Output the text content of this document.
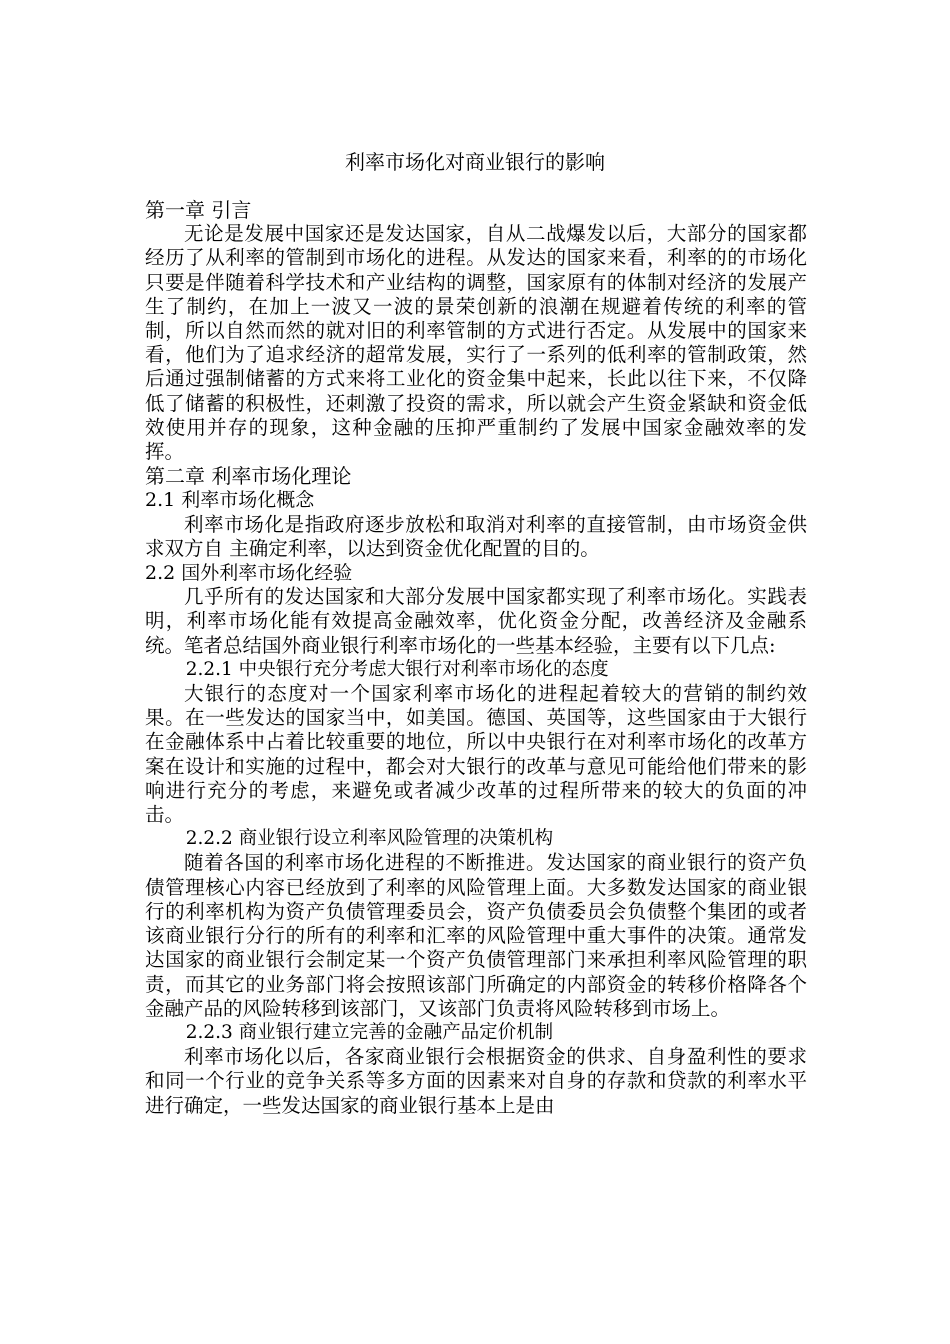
利率市场化对商业银行的影响

第一章 引言

无论是发展中国家还是发达国家，自从二战爆发以后，大部分的国家都经历了从利率的管制到市场化的进程。从发达的国家来看，利率的的市场化只要是伴随着科学技术和产业结构的调整，国家原有的体制对经济的发展产生了制约，在加上一波又一波的景荣创新的浪潮在规避着传统的利率的管制，所以自然而然的就对旧的利率管制的方式进行否定。从发展中的国家来看，他们为了追求经济的超常发展，实行了一系列的低利率的管制政策，然后通过强制储蓄的方式来将工业化的资金集中起来，长此以往下来，不仅降低了储蓄的积极性，还刺激了投资的需求，所以就会产生资金紧缺和资金低效使用并存的现象，这种金融的压抑严重制约了发展中国家金融效率的发挥。

第二章 利率市场化理论

2.1 利率市场化概念

利率市场化是指政府逐步放松和取消对利率的直接管制，由市场资金供求双方自 主确定利率，以达到资金优化配置的目的。

2.2 国外利率市场化经验

几乎所有的发达国家和大部分发展中国家都实现了利率市场化。实践表明，利率市场化能有效提高金融效率，优化资金分配，改善经济及金融系统。笔者总结国外商业银行利率市场化的一些基本经验，主要有以下几点:

2.2.1 中央银行充分考虑大银行对利率市场化的态度

大银行的态度对一个国家利率市场化的进程起着较大的营销的制约效果。在一些发达的国家当中，如美国。德国、英国等，这些国家由于大银行在金融体系中占着比较重要的地位，所以中央银行在对利率市场化的改革方案在设计和实施的过程中，都会对大银行的改革与意见可能给他们带来的影响进行充分的考虑，来避免或者减少改革的过程所带来的较大的负面的冲击。

2.2.2 商业银行设立利率风险管理的决策机构

随着各国的利率市场化进程的不断推进。发达国家的商业银行的资产负债管理核心内容已经放到了利率的风险管理上面。大多数发达国家的商业银行的利率机构为资产负债管理委员会，资产负债委员会负债整个集团的或者该商业银行分行的所有的利率和汇率的风险管理中重大事件的决策。通常发达国家的商业银行会制定某一个资产负债管理部门来承担利率风险管理的职责，而其它的业务部门将会按照该部门所确定的内部资金的转移价格降各个金融产品的风险转移到该部门，又该部门负责将风险转移到市场上。

2.2.3 商业银行建立完善的金融产品定价机制

利率市场化以后，各家商业银行会根据资金的供求、自身盈利性的要求和同一个行业的竞争关系等多方面的因素来对自身的存款和贷款的利率水平进行确定，一些发达国家的商业银行基本上是由
